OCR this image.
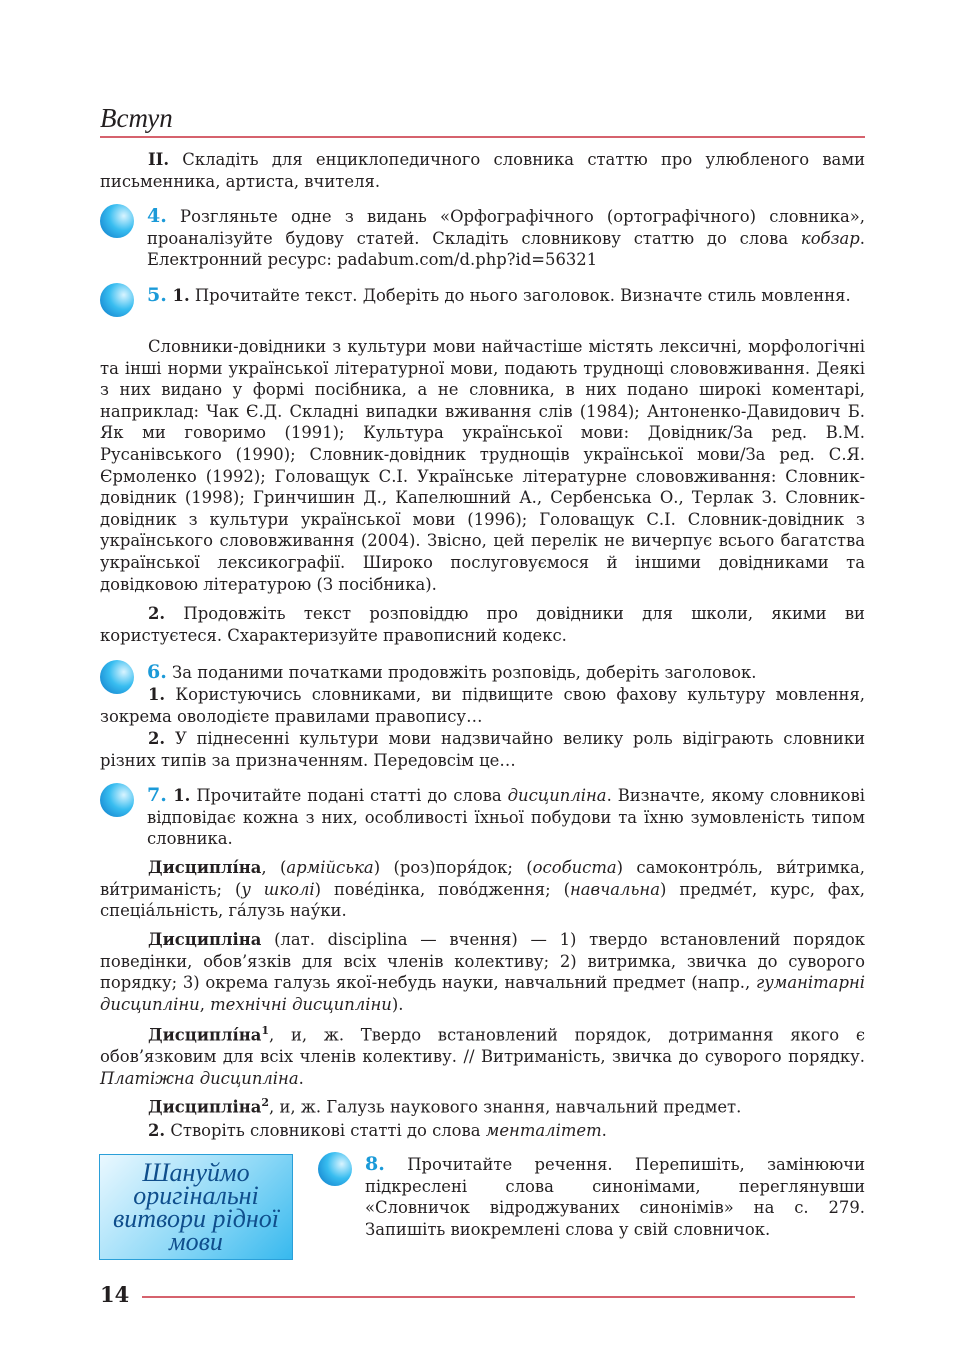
Вступ
II. Складіть для енциклопедичного словника статтю про улюбленого вами письменника, артиста, вчителя.
4. Розгляньте одне з видань «Орфографічного (ортографічного) словника», проаналізуйте будову статей. Складіть словникову статтю до слова кобзар. Електронний ресурс: padabum.com/d.php?id=56321
5. 1. Прочитайте текст. Доберіть до нього заголовок. Визначте стиль мовлення.
Словники-довідники з культури мови найчастіше містять лексичні, морфологічні та інші норми української літературної мови, подають труднощі слововживання. Деякі з них видано у формі посібника, а не словника, в них подано широкі коментарі, наприклад: Чак Є.Д. Складні випадки вживання слів (1984); Антоненко-Давидович Б. Як ми говоримо (1991); Культура української мови: Довідник/За ред. В.М. Русанівського (1990); Словник-довідник труднощів української мови/За ред. С.Я. Єрмоленко (1992); Головащук С.І. Українське літературне слововживання: Словник-довідник (1998); Гринчишин Д., Капелюшний А., Сербенська О., Терлак З. Словник-довідник з культури української мови (1996); Головащук С.І. Словник-довідник з українського слововживання (2004). Звісно, цей перелік не вичерпує всього багатства української лексикографії. Широко послуговуємося й іншими довідниками та довідковою літературою (З посібника).
2. Продовжіть текст розповіддю про довідники для школи, якими ви користуєтеся. Схарактеризуйте правописний кодекс.
6. За поданими початками продовжіть розповідь, доберіть заголовок.
1. Користуючись словниками, ви підвищите свою фахову культуру мовлення, зокрема оволодієте правилами правопису…
2. У піднесенні культури мови надзвичайно велику роль відіграють словники різних типів за призначенням. Передовсім це…
7. 1. Прочитайте подані статті до слова дисципліна. Визначте, якому словникові відповідає кожна з них, особливості їхньої побудови та їхню зумовленість типом словника.
Дисциплі́на, (армійська) (роз)поря́док; (особиста) самоконтро́ль, ви́тримка, ви́триманість; (у школі) пове́дінка, пово́дження; (навчальна) предме́т, курс, фах, спеціа́льність, га́лузь нау́ки.
Дисципліна (лат. disciplina — вчення) — 1) твердо встановлений порядок поведінки, обов’язків для всіх членів колективу; 2) витримка, звичка до суворого порядку; 3) окрема галузь якої-небудь науки, навчальний предмет (напр., гуманітарні дисципліни, технічні дисципліни).
$Дисциплі́на^1$, и, ж. Твердо встановлений порядок, дотримання якого є обов’язковим для всіх членів колективу. // Витриманість, звичка до суворого порядку. Платіжна дисципліна.
Дисципліна$^2$, и, ж. Галузь наукового знання, навчальний предмет.
2. Створіть словникові статті до слова менталітет.
Шануймо
оригінальні
витвори рідної
мови
8. Прочитайте речення. Перепишіть, замінюючи підкреслені слова синонімами, переглянувши «Словничок відроджуваних синонімів» на с. 279. Запишіть виокремлені слова у свій словничок.
14
